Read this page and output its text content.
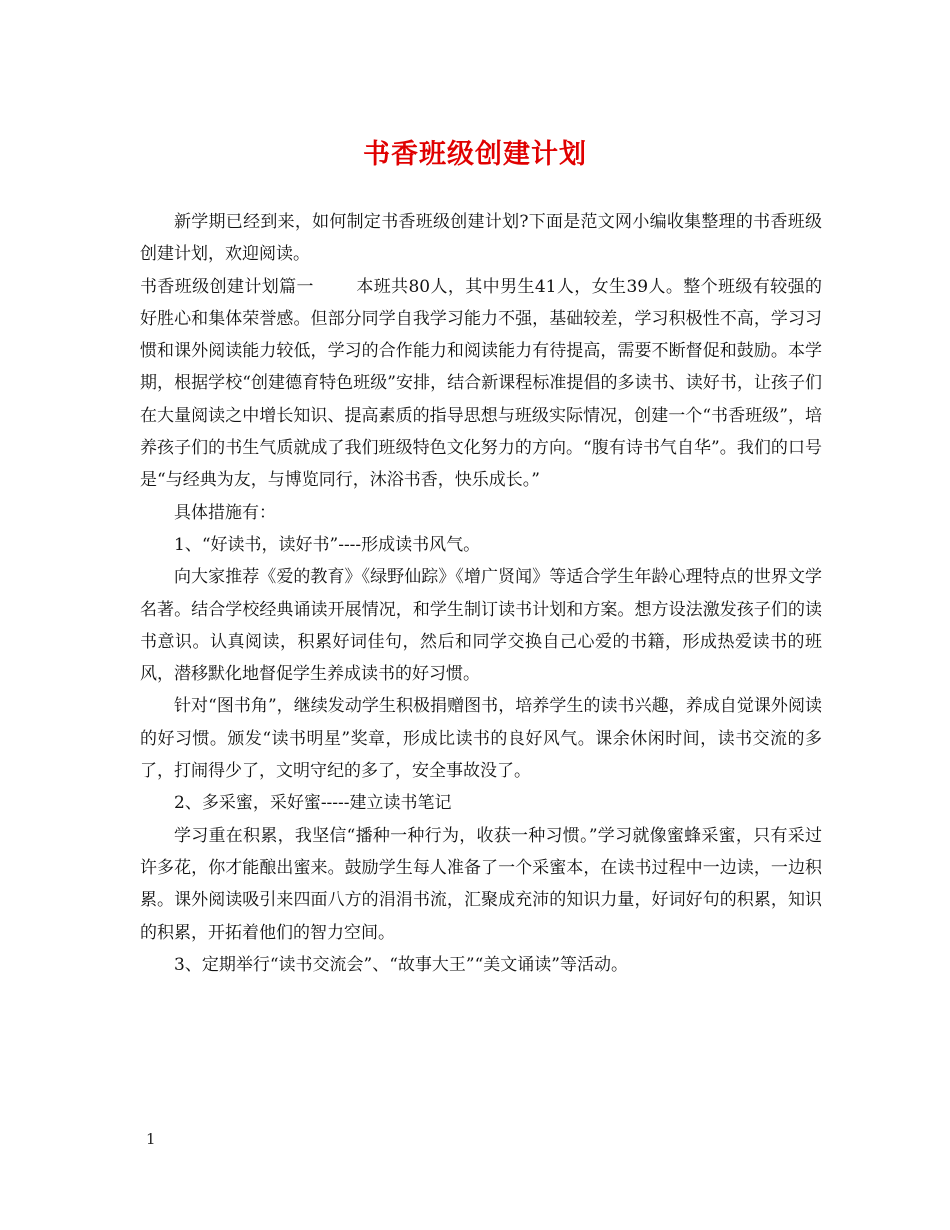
书香班级创建计划

新学期已经到来，如何制定书香班级创建计划?下面是范文网小编收集整理的书香班级创建计划，欢迎阅读。

书香班级创建计划篇一 本班共80人，其中男生41人，女生39人。整个班级有较强的好胜心和集体荣誉感。但部分同学自我学习能力不强，基础较差，学习积极性不高，学习习惯和课外阅读能力较低，学习的合作能力和阅读能力有待提高，需要不断督促和鼓励。本学期，根据学校“创建德育特色班级”安排，结合新课程标准提倡的多读书、读好书，让孩子们在大量阅读之中增长知识、提高素质的指导思想与班级实际情况，创建一个“书香班级”，培养孩子们的书生气质就成了我们班级特色文化努力的方向。“腹有诗书气自华”。我们的口号是“与经典为友，与博览同行，沐浴书香，快乐成长。”

具体措施有：

1、“好读书，读好书”----形成读书风气。

向大家推荐《爱的教育》《绿野仙踪》《增广贤闻》等适合学生年龄心理特点的世界文学名著。结合学校经典诵读开展情况，和学生制订读书计划和方案。想方设法激发孩子们的读书意识。认真阅读，积累好词佳句，然后和同学交换自己心爱的书籍，形成热爱读书的班风，潜移默化地督促学生养成读书的好习惯。

针对“图书角”，继续发动学生积极捐赠图书，培养学生的读书兴趣，养成自觉课外阅读的好习惯。颁发“读书明星”奖章，形成比读书的良好风气。课余休闲时间，读书交流的多了，打闹得少了，文明守纪的多了，安全事故没了。

2、多采蜜，采好蜜-----建立读书笔记

学习重在积累，我坚信“播种一种行为，收获一种习惯。”学习就像蜜蜂采蜜，只有采过许多花，你才能酿出蜜来。鼓励学生每人准备了一个采蜜本，在读书过程中一边读，一边积累。课外阅读吸引来四面八方的涓涓书流，汇聚成充沛的知识力量，好词好句的积累，知识的积累，开拓着他们的智力空间。

3、定期举行“读书交流会”、“故事大王”“美文诵读”等活动。

1
